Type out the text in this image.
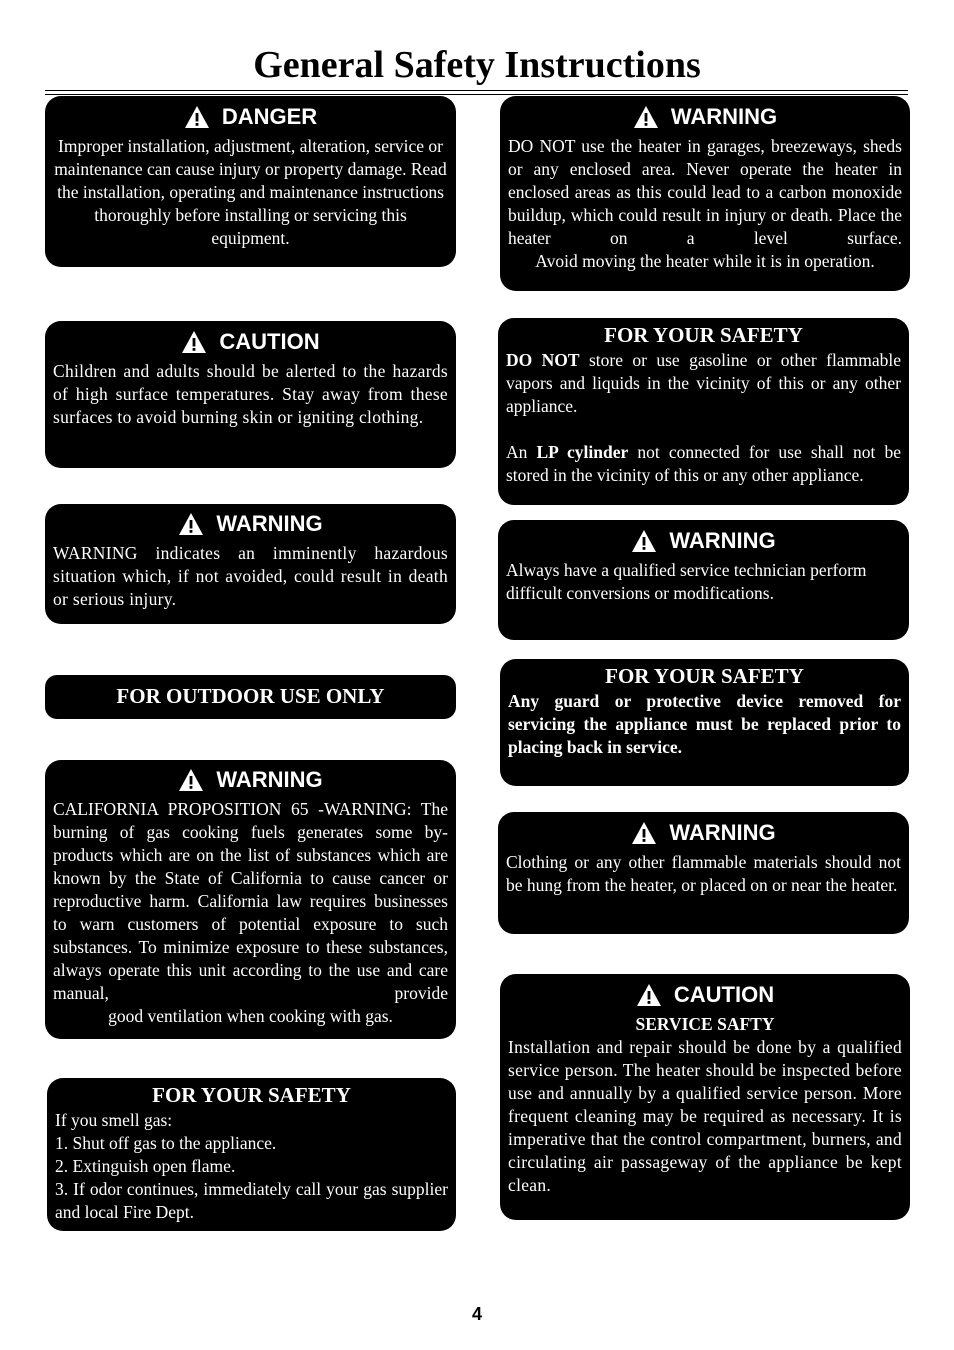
General Safety Instructions
DANGER
Improper installation, adjustment, alteration, service or maintenance can cause injury or property damage. Read the installation, operating and maintenance instructions thoroughly before installing or servicing this equipment.
CAUTION
Children and adults should be alerted to the hazards of high surface temperatures. Stay away from these surfaces to avoid burning skin or igniting clothing.
WARNING
WARNING indicates an imminently hazardous situation which, if not avoided, could result in death or serious injury.
FOR OUTDOOR USE ONLY
WARNING
CALIFORNIA PROPOSITION 65 -WARNING: The burning of gas cooking fuels generates some by-products which are on the list of substances which are known by the State of California to cause cancer or reproductive harm. California law requires businesses to warn customers of potential exposure to such substances. To minimize exposure to these substances, always operate this unit according to the use and care manual, provide
good ventilation when cooking with gas.
FOR YOUR SAFETY
If you smell gas:
1. Shut off gas to the appliance.
2. Extinguish open flame.
3. If odor continues, immediately call your gas supplier and local Fire Dept.
WARNING
DO NOT use the heater in garages, breezeways, sheds or any enclosed area. Never operate the heater in enclosed areas as this could lead to a carbon monoxide buildup, which could result in injury or death. Place the heater on a level surface.
Avoid moving the heater while it is in operation.
FOR YOUR SAFETY
DO NOT store or use gasoline or other flammable vapors and liquids in the vicinity of this or any other appliance.
An LP cylinder not connected for use shall not be stored in the vicinity of this or any other appliance.
WARNING
Always have a qualified service technician perform difficult conversions or modifications.
FOR YOUR SAFETY
Any guard or protective device removed for servicing the appliance must be replaced prior to placing back in service.
WARNING
Clothing or any other flammable materials should not be hung from the heater, or placed on or near the heater.
CAUTION
SERVICE SAFTY
Installation and repair should be done by a qualified service person. The heater should be inspected before use and annually by a qualified service person. More frequent cleaning may be required as necessary. It is imperative that the control compartment, burners, and circulating air passageway of the appliance be kept clean.
4
